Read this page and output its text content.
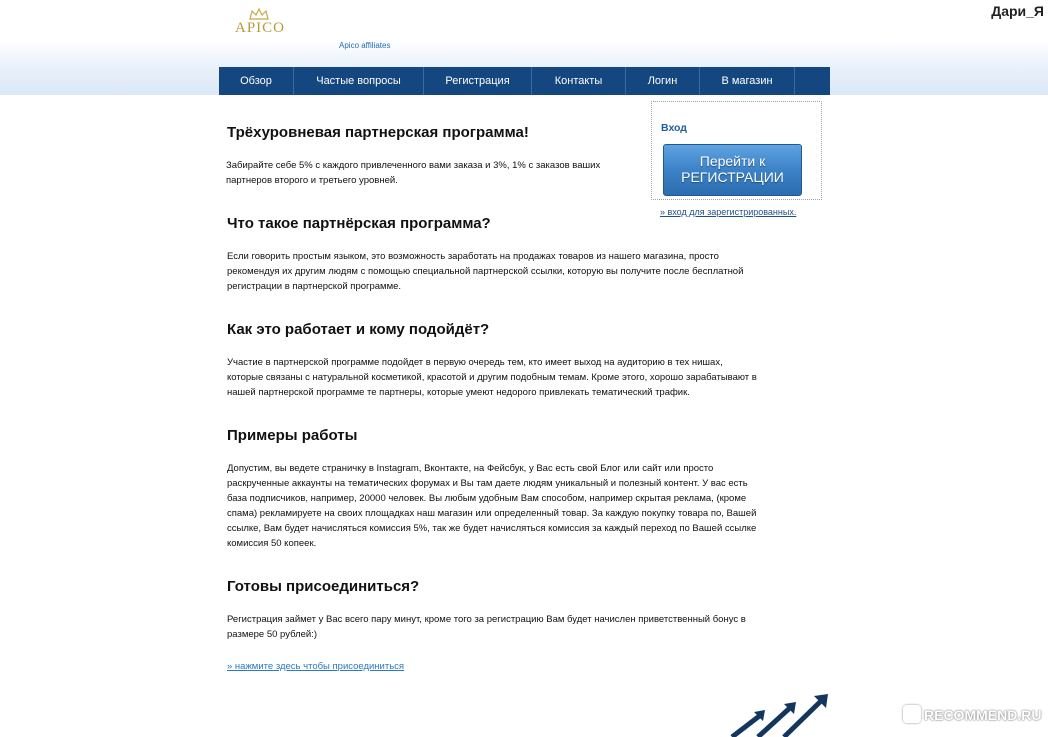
APICO
Apico affiliates
Дари_Я
Обзор	Частые вопросы	Регистрация	Контакты	Логин	В магазин
Трёхуровневая партнерская программа!
Забирайте себе 5% с каждого привлеченного вами заказа и 3%, 1% с заказов ваших
партнеров второго и третьего уровней.
Что такое партнёрская программа?
Если говорить простым языком, это возможность заработать на продажах товаров из нашего магазина, просто
рекомендуя их другим людям с помощью специальной партнерской ссылки, которую вы получите после бесплатной
регистрации в партнерской программе.
Как это работает и кому подойдёт?
Участие в партнерской программе подойдет в первую очередь тем, кто имеет выход на аудиторию в тех нишах,
которые связаны с натуральной косметикой, красотой и другим подобным темам. Кроме этого, хорошо зарабатывают в
нашей партнерской программе те партнеры, которые умеют недорого привлекать тематический трафик.
Примеры работы
Допустим, вы ведете страничку в Instagram, Вконтакте, на Фейсбук, у Вас есть свой Блог или сайт или просто
раскрученные аккаунты на тематических форумах и Вы там даете людям уникальный и полезный контент. У вас есть
база подписчиков, например, 20000 человек. Вы любым удобным Вам способом, например скрытая реклама, (кроме
спама) рекламируете на своих площадках наш магазин или определенный товар. За каждую покупку товара по, Вашей
ссылке, Вам будет начисляться комиссия 5%, так же будет начисляться комиссия за каждый переход по Вашей ссылке
комиссия 50 копеек.
Готовы присоединиться?
Регистрация займет у Вас всего пару минут, кроме того за регистрацию Вам будет начислен приветственный бонус в
размере 50 рублей:)
Вход
Перейти к
РЕГИСТРАЦИИ
» вход для зарегистрированных.
» нажмите здесь чтобы присоединиться
RECOMMEND.RU
